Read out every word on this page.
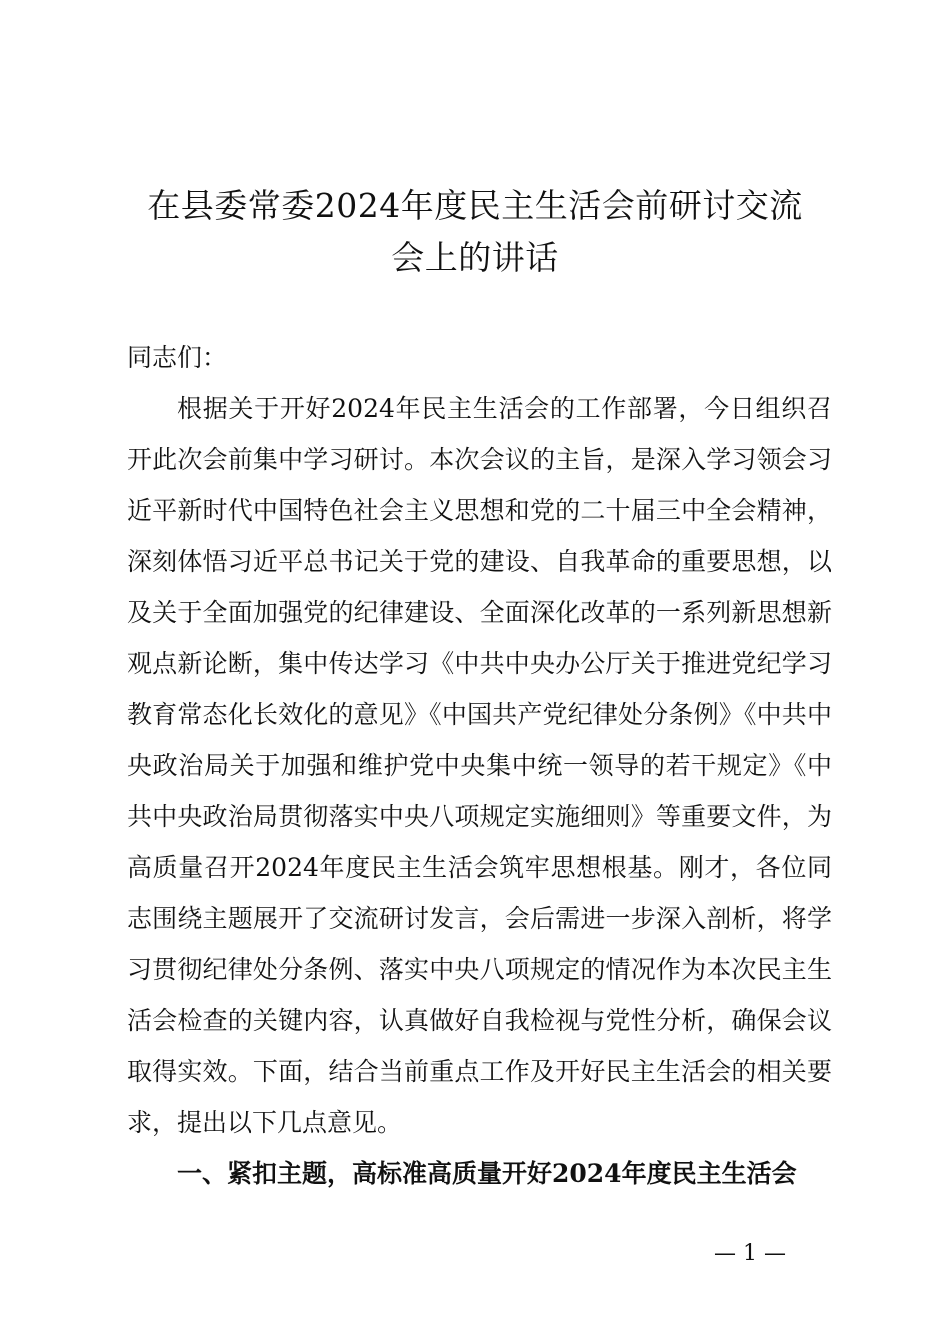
在县委常委2024年度民主生活会前研讨交流
会上的讲话

同志们：

根据关于开好2024年民主生活会的工作部署，今日组织召开此次会前集中学习研讨。本次会议的主旨，是深入学习领会习近平新时代中国特色社会主义思想和党的二十届三中全会精神，深刻体悟习近平总书记关于党的建设、自我革命的重要思想，以及关于全面加强党的纪律建设、全面深化改革的一系列新思想新观点新论断，集中传达学习《中共中央办公厅关于推进党纪学习教育常态化长效化的意见》《中国共产党纪律处分条例》《中共中央政治局关于加强和维护党中央集中统一领导的若干规定》《中共中央政治局贯彻落实中央八项规定实施细则》等重要文件，为高质量召开2024年度民主生活会筑牢思想根基。刚才，各位同志围绕主题展开了交流研讨发言，会后需进一步深入剖析，将学习贯彻纪律处分条例、落实中央八项规定的情况作为本次民主生活会检查的关键内容，认真做好自我检视与党性分析，确保会议取得实效。下面，结合当前重点工作及开好民主生活会的相关要求，提出以下几点意见。

一、紧扣主题，高标准高质量开好2024年度民主生活会

— 1 —
